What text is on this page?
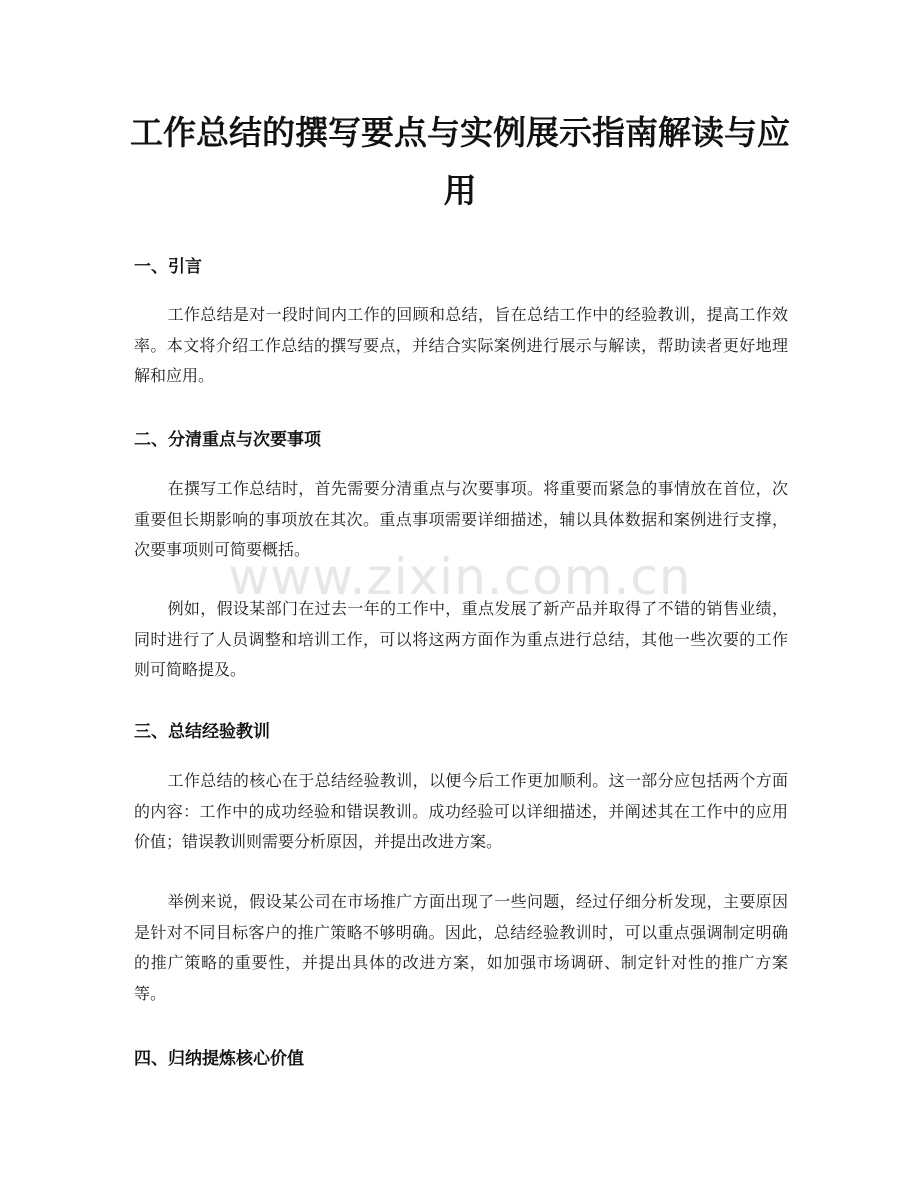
工作总结的撰写要点与实例展示指南解读与应用
一、引言

工作总结是对一段时间内工作的回顾和总结，旨在总结工作中的经验教训，提高工作效率。本文将介绍工作总结的撰写要点，并结合实际案例进行展示与解读，帮助读者更好地理解和应用。

二、分清重点与次要事项

在撰写工作总结时，首先需要分清重点与次要事项。将重要而紧急的事情放在首位，次重要但长期影响的事项放在其次。重点事项需要详细描述，辅以具体数据和案例进行支撑，次要事项则可简要概括。

例如，假设某部门在过去一年的工作中，重点发展了新产品并取得了不错的销售业绩，同时进行了人员调整和培训工作，可以将这两方面作为重点进行总结，其他一些次要的工作则可简略提及。

三、总结经验教训

工作总结的核心在于总结经验教训，以便今后工作更加顺利。这一部分应包括两个方面的内容：工作中的成功经验和错误教训。成功经验可以详细描述，并阐述其在工作中的应用价值；错误教训则需要分析原因，并提出改进方案。

举例来说，假设某公司在市场推广方面出现了一些问题，经过仔细分析发现，主要原因是针对不同目标客户的推广策略不够明确。因此，总结经验教训时，可以重点强调制定明确的推广策略的重要性，并提出具体的改进方案，如加强市场调研、制定针对性的推广方案等。

四、归纳提炼核心价值
www.zixin.com.cn
